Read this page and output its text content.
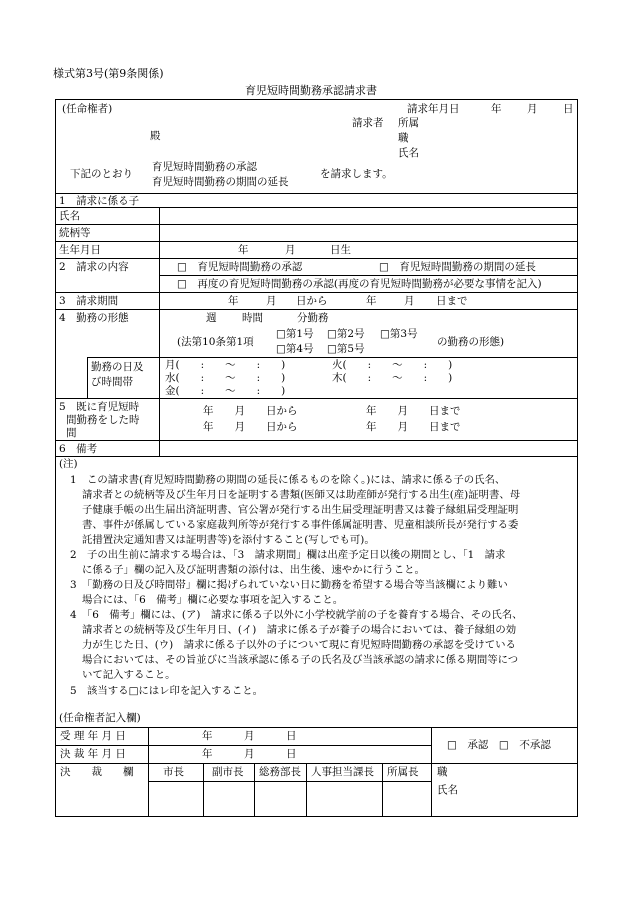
様式第3号(第9条関係)
育児短時間勤務承認請求書
(任命権者)	請求年月日	年 月 日
請求者 所属
殿	職
氏名
育児短時間勤務の承認
下記のとおり	を請求します。
育児短時間勤務の期間の延長
1　請求に係る子
氏名
続柄等
生年月日	年	月	日生
2　請求の内容	□　育児短時間勤務の承認	□　育児短時間勤務の期間の延長
□　再度の育児短時間勤務の承認(再度の育児短時間勤務が必要な事情を記入)
3　請求期間	年	月 日から	年	月 日まで
4　勤務の形態	週 時間	分勤務
□第1号 □第2号 □第3号
(法第10条第1項	の勤務の形態)
□第4号 □第5号
勤務の日及
び時間帯
月(　　:　　〜　　:　　)	火(　　:　　〜　　:　　)
水(　　:　　〜　　:　　)	木(　　:　　〜　　:　　)
金(　　:　　〜　　:　　)
5　既に育児短時
間勤務をした時
間
年　　月　　日から	年　　月　　日まで
年　　月　　日から	年　　月　　日まで
6　備考
(注)
1　この請求書(育児短時間勤務の期間の延長に係るものを除く。)には、請求に係る子の氏名、
請求者との続柄等及び生年月日を証明する書類(医師又は助産師が発行する出生(産)証明書、母
子健康手帳の出生届出済証明書、官公署が発行する出生届受理証明書又は養子縁組届受理証明
書、事件が係属している家庭裁判所等が発行する事件係属証明書、児童相談所長が発行する委
託措置決定通知書又は証明書等)を添付すること(写しでも可)。
2　子の出生前に請求する場合は、「3　請求期間」欄は出産予定日以後の期間とし、「1　請求
に係る子」欄の記入及び証明書類の添付は、出生後、速やかに行うこと。
3　「勤務の日及び時間帯」欄に掲げられていない日に勤務を希望する場合等当該欄により難い
場合には、「6　備考」欄に必要な事項を記入すること。
4　「6　備考」欄には、(ア)　請求に係る子以外に小学校就学前の子を養育する場合、その氏名、
請求者との続柄等及び生年月日、(イ)　請求に係る子が養子の場合においては、養子縁組の効
力が生じた日、(ウ)　請求に係る子以外の子について現に育児短時間勤務の承認を受けている
場合においては、その旨並びに当該承認に係る子の氏名及び当該承認の請求に係る期間等につ
いて記入すること。
5　該当する□にはレ印を記入すること。
(任命権者記入欄)
受 理 年 月 日	年　　　月　　　日
決 裁 年 月 日	年　　　月　　　日
□　承認　□　不承認
決　　裁　　欄	市長	副市長 総務部長 人事担当課長 所属長 職
氏名
